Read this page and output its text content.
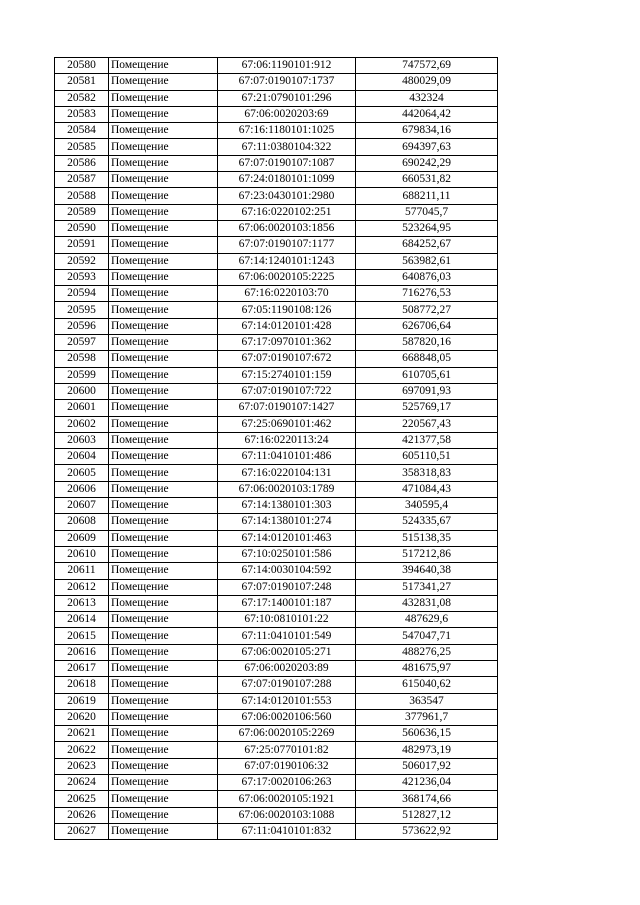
20580	Помещение	67:06:1190101:912	747572,69
20581	Помещение	67:07:0190107:1737	480029,09
20582	Помещение	67:21:0790101:296	432324
20583	Помещение	67:06:0020203:69	442064,42
20584	Помещение	67:16:1180101:1025	679834,16
20585	Помещение	67:11:0380104:322	694397,63
20586	Помещение	67:07:0190107:1087	690242,29
20587	Помещение	67:24:0180101:1099	660531,82
20588	Помещение	67:23:0430101:2980	688211,11
20589	Помещение	67:16:0220102:251	577045,7
20590	Помещение	67:06:0020103:1856	523264,95
20591	Помещение	67:07:0190107:1177	684252,67
20592	Помещение	67:14:1240101:1243	563982,61
20593	Помещение	67:06:0020105:2225	640876,03
20594	Помещение	67:16:0220103:70	716276,53
20595	Помещение	67:05:1190108:126	508772,27
20596	Помещение	67:14:0120101:428	626706,64
20597	Помещение	67:17:0970101:362	587820,16
20598	Помещение	67:07:0190107:672	668848,05
20599	Помещение	67:15:2740101:159	610705,61
20600	Помещение	67:07:0190107:722	697091,93
20601	Помещение	67:07:0190107:1427	525769,17
20602	Помещение	67:25:0690101:462	220567,43
20603	Помещение	67:16:0220113:24	421377,58
20604	Помещение	67:11:0410101:486	605110,51
20605	Помещение	67:16:0220104:131	358318,83
20606	Помещение	67:06:0020103:1789	471084,43
20607	Помещение	67:14:1380101:303	340595,4
20608	Помещение	67:14:1380101:274	524335,67
20609	Помещение	67:14:0120101:463	515138,35
20610	Помещение	67:10:0250101:586	517212,86
20611	Помещение	67:14:0030104:592	394640,38
20612	Помещение	67:07:0190107:248	517341,27
20613	Помещение	67:17:1400101:187	432831,08
20614	Помещение	67:10:0810101:22	487629,6
20615	Помещение	67:11:0410101:549	547047,71
20616	Помещение	67:06:0020105:271	488276,25
20617	Помещение	67:06:0020203:89	481675,97
20618	Помещение	67:07:0190107:288	615040,62
20619	Помещение	67:14:0120101:553	363547
20620	Помещение	67:06:0020106:560	377961,7
20621	Помещение	67:06:0020105:2269	560636,15
20622	Помещение	67:25:0770101:82	482973,19
20623	Помещение	67:07:0190106:32	506017,92
20624	Помещение	67:17:0020106:263	421236,04
20625	Помещение	67:06:0020105:1921	368174,66
20626	Помещение	67:06:0020103:1088	512827,12
20627	Помещение	67:11:0410101:832	573622,92
